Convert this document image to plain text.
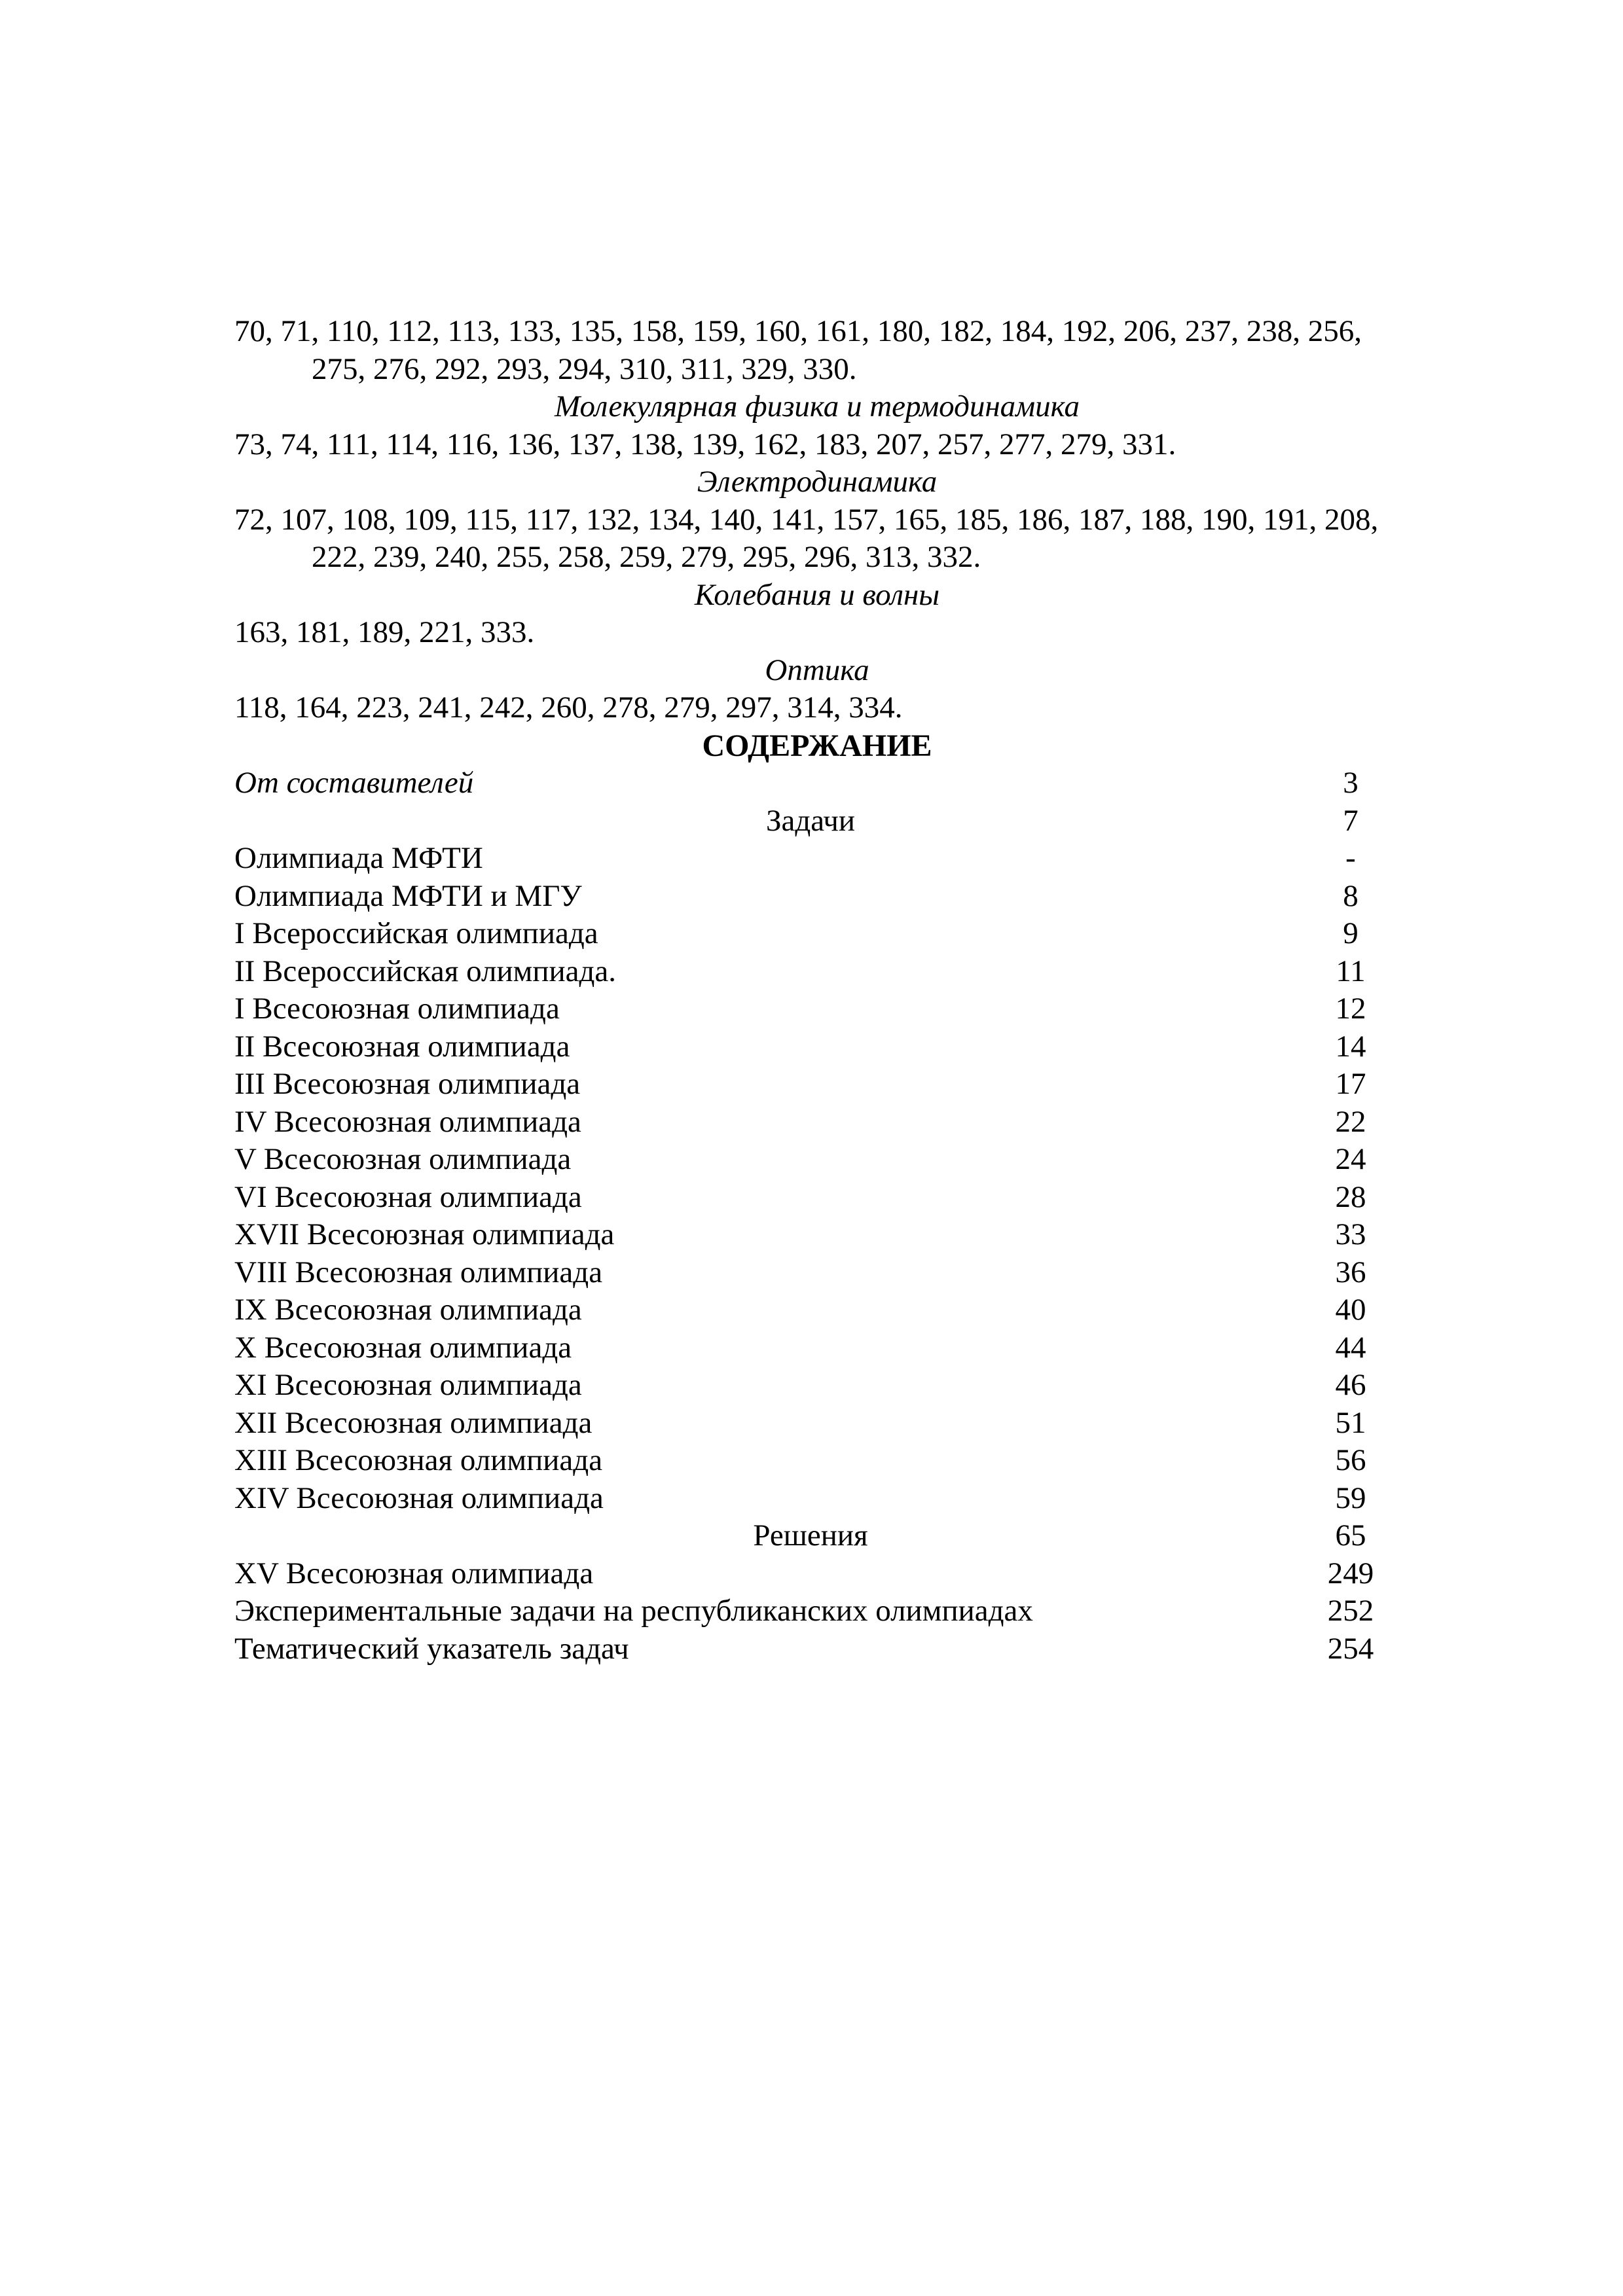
70, 71, 110, 112, 113, 133, 135, 158, 159, 160, 161, 180, 182, 184, 192, 206, 237, 238, 256, 275, 276, 292, 293, 294, 310, 311, 329, 330.
Молекулярная физика и термодинамика
73, 74, 111, 114, 116, 136, 137, 138, 139, 162, 183, 207, 257, 277, 279, 331.
Электродинамика
72, 107, 108, 109, 115, 117, 132, 134, 140, 141, 157, 165, 185, 186, 187, 188, 190, 191, 208, 222, 239, 240, 255, 258, 259, 279, 295, 296, 313, 332.
Колебания и волны
163, 181, 189, 221, 333.
Оптика
118, 164, 223, 241, 242, 260, 278, 279, 297, 314, 334.
СОДЕРЖАНИЕ
От составителей	3
Задачи	7
Олимпиада МФТИ	-
Олимпиада МФТИ и МГУ	8
I Всероссийская олимпиада	9
II Всероссийская олимпиада.	11
I Всесоюзная олимпиада	12
II Всесоюзная олимпиада	14
III Всесоюзная олимпиада	17
IV Всесоюзная олимпиада	22
V Всесоюзная олимпиада	24
VI Всесоюзная олимпиада	28
XVII Всесоюзная олимпиада	33
VIII Всесоюзная олимпиада	36
IX Всесоюзная олимпиада	40
X Всесоюзная олимпиада	44
XI Всесоюзная олимпиада	46
XII Всесоюзная олимпиада	51
XIII Всесоюзная олимпиада	56
XIV Всесоюзная олимпиада	59
Решения	65
XV Всесоюзная олимпиада	249
Экспериментальные задачи на республиканских олимпиадах	252
Тематический указатель задач	254
